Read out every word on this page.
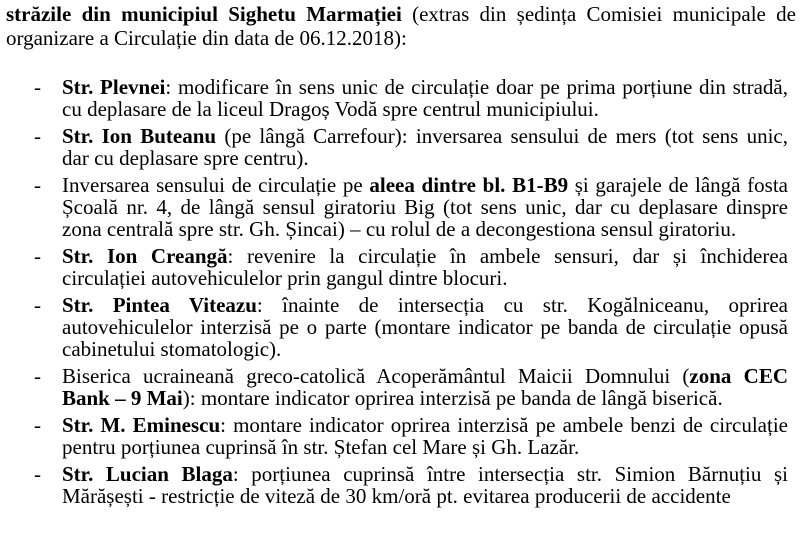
străzile din municipiul Sighetu Marmației (extras din ședința Comisiei municipale de
organizare a Circulație din data de 06.12.2018):
- Str. Plevnei: modificare în sens unic de circulație doar pe prima porțiune din stradă,
cu deplasare de la liceul Dragoș Vodă spre centrul municipiului.
- Str. Ion Buteanu (pe lângă Carrefour): inversarea sensului de mers (tot sens unic,
dar cu deplasare spre centru).
- Inversarea sensului de circulație pe aleea dintre bl. B1-B9 și garajele de lângă fosta
Școală nr. 4, de lângă sensul giratoriu Big (tot sens unic, dar cu deplasare dinspre
zona centrală spre str. Gh. Șincai) – cu rolul de a decongestiona sensul giratoriu.
- Str. Ion Creangă: revenire la circulație în ambele sensuri, dar și închiderea
circulației autovehiculelor prin gangul dintre blocuri.
- Str. Pintea Viteazu: înainte de intersecția cu str. Kogălniceanu, oprirea
autovehiculelor interzisă pe o parte (montare indicator pe banda de circulație opusă
cabinetului stomatologic).
- Biserica ucraineană greco-catolică Acoperământul Maicii Domnului (zona CEC
Bank – 9 Mai): montare indicator oprirea interzisă pe banda de lângă biserică.
- Str. M. Eminescu: montare indicator oprirea interzisă pe ambele benzi de circulație
pentru porțiunea cuprinsă în str. Ștefan cel Mare și Gh. Lazăr.
- Str. Lucian Blaga: porțiunea cuprinsă între intersecția str. Simion Bărnuțiu și
Mărășești - restricție de viteză de 30 km/oră pt. evitarea producerii de accidente
